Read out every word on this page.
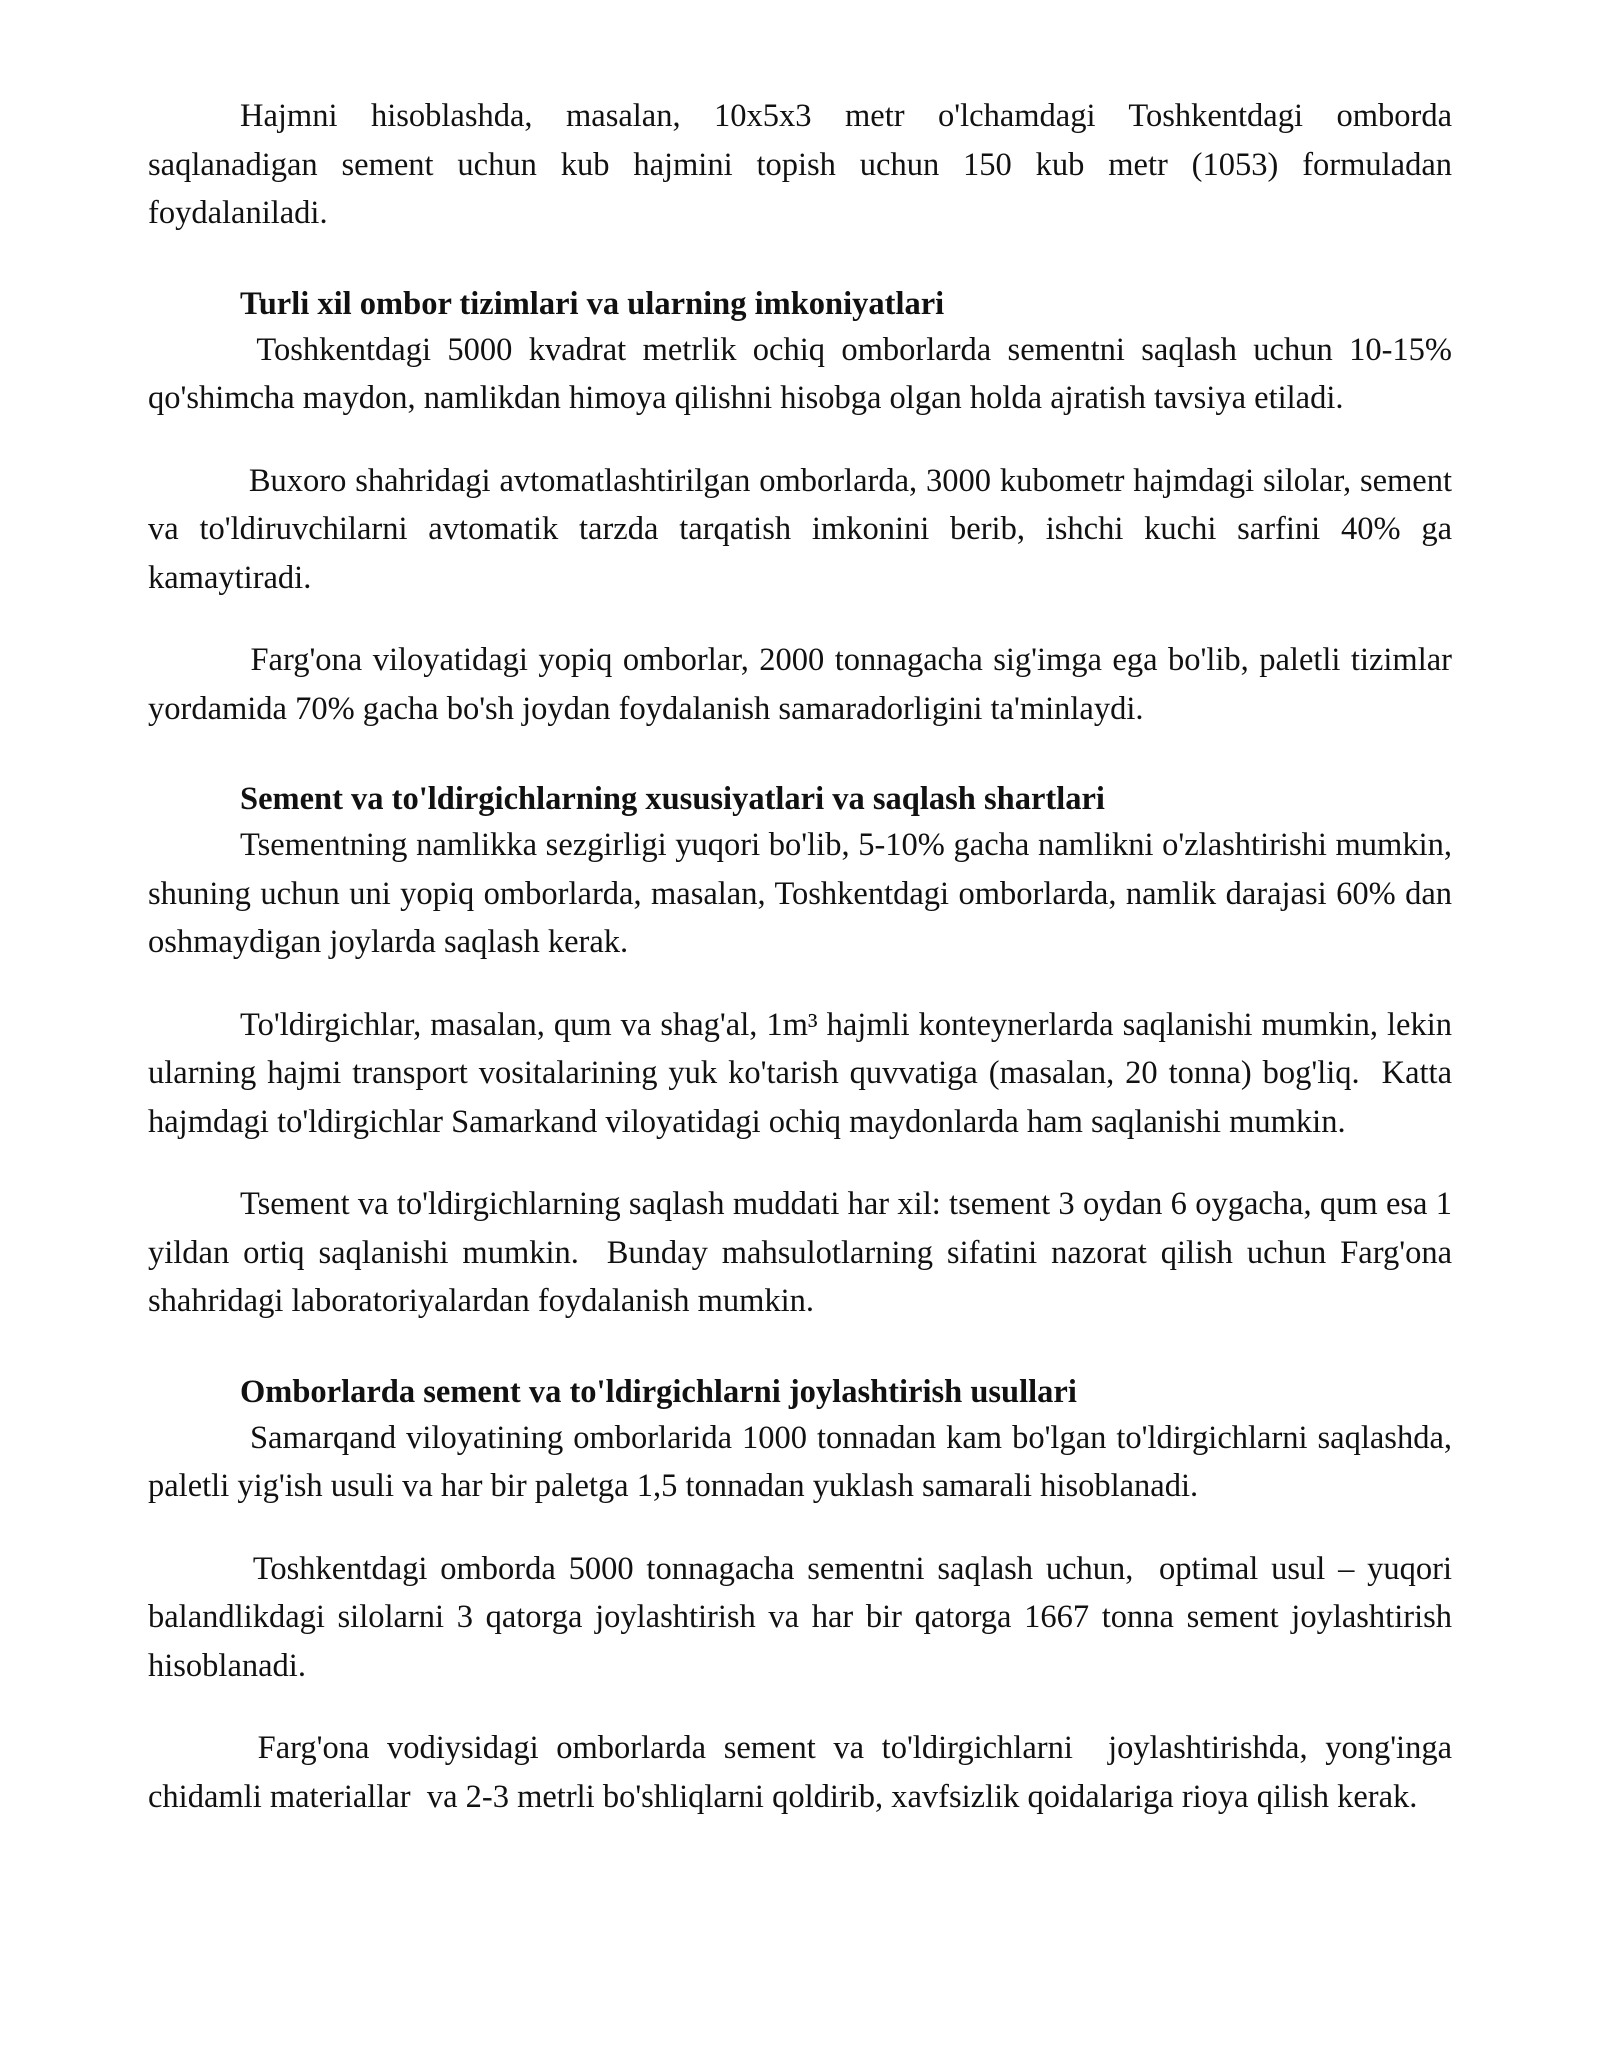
Hajmni hisoblashda, masalan, 10x5x3 metr o'lchamdagi Toshkentdagi omborda saqlanadigan sement uchun kub hajmini topish uchun 150 kub metr (1053) formuladan foydalaniladi.

Turli xil ombor tizimlari va ularning imkoniyatlari

Toshkentdagi 5000 kvadrat metrlik ochiq omborlarda sementni saqlash uchun 10-15% qo'shimcha maydon, namlikdan himoya qilishni hisobga olgan holda ajratish tavsiya etiladi.

Buxoro shahridagi avtomatlashtirilgan omborlarda, 3000 kubometr hajmdagi silolar, sement va to'ldiruvchilarni avtomatik tarzda tarqatish imkonini berib, ishchi kuchi sarfini 40% ga kamaytiradi.

Farg'ona viloyatidagi yopiq omborlar, 2000 tonnagacha sig'imga ega bo'lib, paletli tizimlar yordamida 70% gacha bo'sh joydan foydalanish samaradorligini ta'minlaydi.

Sement va to'ldirgichlarning xususiyatlari va saqlash shartlari

Tsementning namlikka sezgirligi yuqori bo'lib, 5-10% gacha namlikni o'zlashtirishi mumkin, shuning uchun uni yopiq omborlarda, masalan, Toshkentdagi omborlarda, namlik darajasi 60% dan oshmaydigan joylarda saqlash kerak.

To'ldirgichlar, masalan, qum va shag'al, 1m³ hajmli konteynerlarda saqlanishi mumkin, lekin ularning hajmi transport vositalarining yuk ko'tarish quvvatiga (masalan, 20 tonna) bog'liq.  Katta hajmdagi to'ldirgichlar Samarkand viloyatidagi ochiq maydonlarda ham saqlanishi mumkin.

Tsement va to'ldirgichlarning saqlash muddati har xil: tsement 3 oydan 6 oygacha, qum esa 1 yildan ortiq saqlanishi mumkin.  Bunday mahsulotlarning sifatini nazorat qilish uchun Farg'ona shahridagi laboratoriyalardan foydalanish mumkin.

Omborlarda sement va to'ldirgichlarni joylashtirish usullari

Samarqand viloyatining omborlarida 1000 tonnadan kam bo'lgan to'ldirgichlarni saqlashda,  paletli yig'ish usuli va har bir paletga 1,5 tonnadan yuklash samarali hisoblanadi.

Toshkentdagi omborda 5000 tonnagacha sementni saqlash uchun,  optimal usul – yuqori balandlikdagi silolarni 3 qatorga joylashtirish va har bir qatorga 1667 tonna sement joylashtirish hisoblanadi.

Farg'ona vodiysidagi omborlarda sement va to'ldirgichlarni  joylashtirishda, yong'inga chidamli materiallar  va 2-3 metrli bo'shliqlarni qoldirib, xavfsizlik qoidalariga rioya qilish kerak.
